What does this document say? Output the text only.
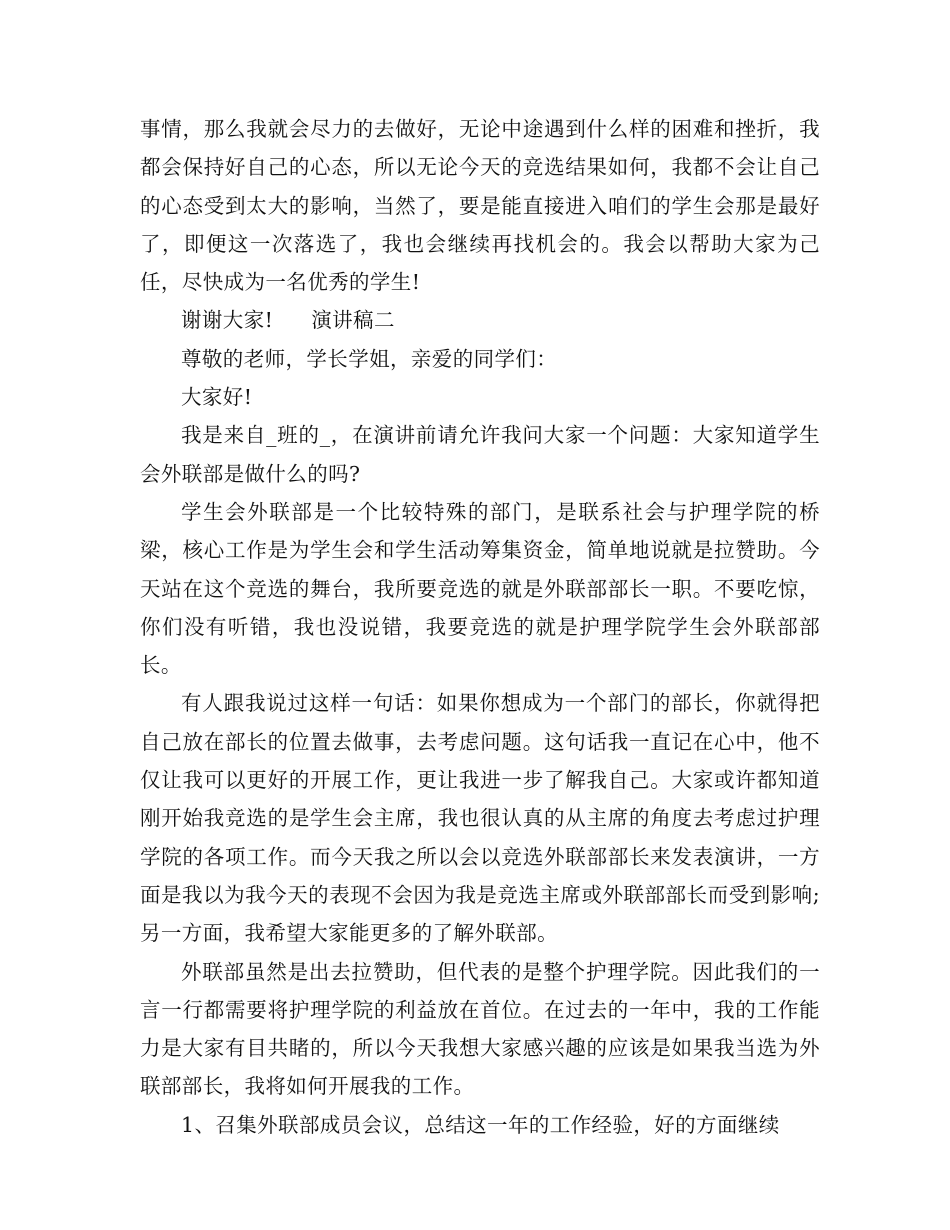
事情，那么我就会尽力的去做好，无论中途遇到什么样的困难和挫折，我都会保持好自己的心态，所以无论今天的竞选结果如何，我都不会让自己的心态受到太大的影响，当然了，要是能直接进入咱们的学生会那是最好了，即便这一次落选了，我也会继续再找机会的。我会以帮助大家为己任，尽快成为一名优秀的学生!

谢谢大家! 演讲稿二

尊敬的老师，学长学姐，亲爱的同学们：

大家好!

我是来自_班的_，在演讲前请允许我问大家一个问题：大家知道学生会外联部是做什么的吗?

学生会外联部是一个比较特殊的部门，是联系社会与护理学院的桥梁，核心工作是为学生会和学生活动筹集资金，简单地说就是拉赞助。今天站在这个竞选的舞台，我所要竞选的就是外联部部长一职。不要吃惊，你们没有听错，我也没说错，我要竞选的就是护理学院学生会外联部部长。

有人跟我说过这样一句话：如果你想成为一个部门的部长，你就得把自己放在部长的位置去做事，去考虑问题。这句话我一直记在心中，他不仅让我可以更好的开展工作，更让我进一步了解我自己。大家或许都知道刚开始我竞选的是学生会主席，我也很认真的从主席的角度去考虑过护理学院的各项工作。而今天我之所以会以竞选外联部部长来发表演讲，一方面是我以为我今天的表现不会因为我是竞选主席或外联部部长而受到影响;另一方面，我希望大家能更多的了解外联部。

外联部虽然是出去拉赞助，但代表的是整个护理学院。因此我们的一言一行都需要将护理学院的利益放在首位。在过去的一年中，我的工作能力是大家有目共睹的，所以今天我想大家感兴趣的应该是如果我当选为外联部部长，我将如何开展我的工作。

1、召集外联部成员会议，总结这一年的工作经验，好的方面继续
